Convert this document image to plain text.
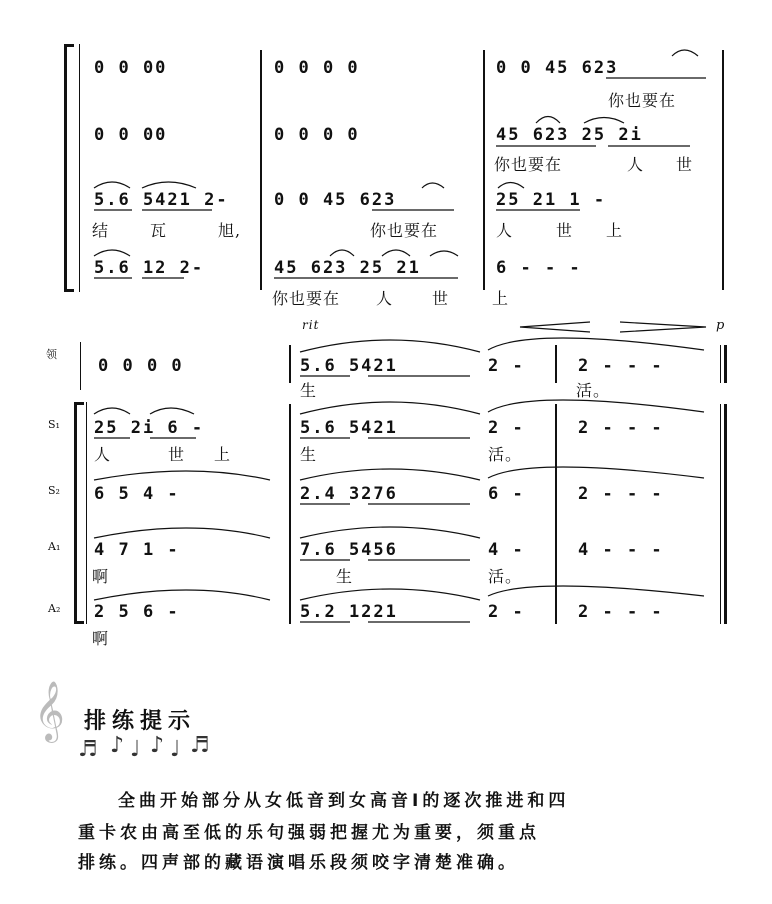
0 0 00	0 0 0 0	0 0 45 623
你也要在
0 0 00	0 0 0 0	45 623 25 2i
你也要在	人 世
5.6 5421 2-	0 0 45 623	25 21 1 -
结	瓦	旭,	你也要在	人	世 上
5.6 12 2-	45 623 25 21	6 - - -
你也要在 人 世	上
rit	p
领
S₁
S₂
A₁
A₂
0 0 0 0	5.6 5421	2 -	2 - - -
生	活。
25 2i 6 -	5.6 5421	2 -	2 - - -
人	世 上	生	活。
6 5 4 -	2.4 3276	6 -	2 - - -
4 7 1 -	7.6 5456	4 -	4 - - -
啊	生	活。
2 5 6 -	5.2 1221	2 -	2 - - -
啊
𝄞
♬ ♪ ♩ ♪ ♩ ♬
排练提示
全曲开始部分从女低音到女高音Ⅰ的逐次推进和四
重卡农由高至低的乐句强弱把握尤为重要，须重点
排练。四声部的藏语演唱乐段须咬字清楚准确。
